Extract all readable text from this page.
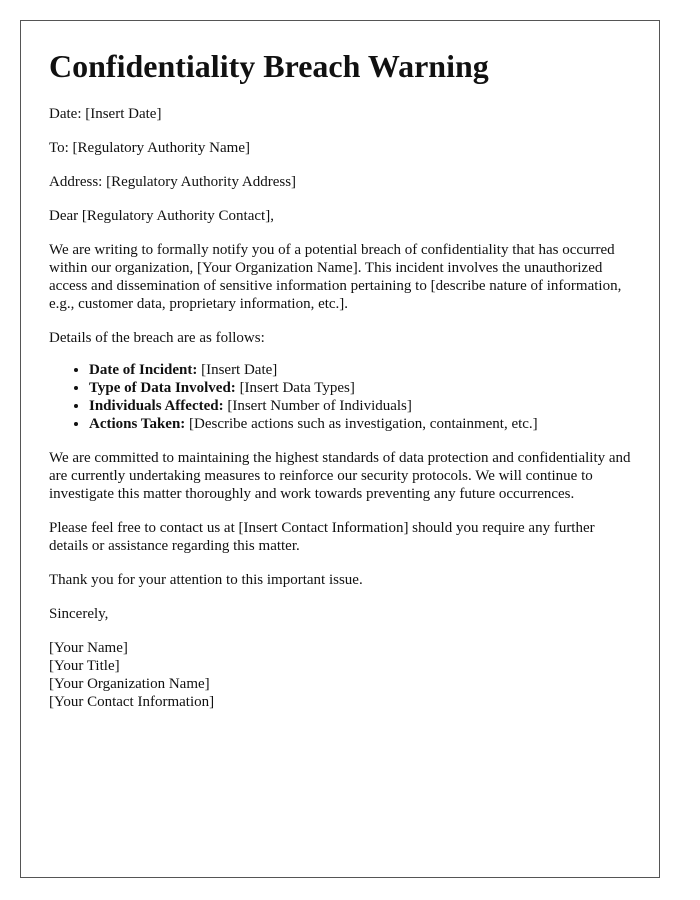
Confidentiality Breach Warning

Date: [Insert Date]

To: [Regulatory Authority Name]

Address: [Regulatory Authority Address]

Dear [Regulatory Authority Contact],

We are writing to formally notify you of a potential breach of confidentiality that has occurred within our organization, [Your Organization Name]. This incident involves the unauthorized access and dissemination of sensitive information pertaining to [describe nature of information, e.g., customer data, proprietary information, etc.].

Details of the breach are as follows:

• Date of Incident: [Insert Date]
• Type of Data Involved: [Insert Data Types]
• Individuals Affected: [Insert Number of Individuals]
• Actions Taken: [Describe actions such as investigation, containment, etc.]

We are committed to maintaining the highest standards of data protection and confidentiality and are currently undertaking measures to reinforce our security protocols. We will continue to investigate this matter thoroughly and work towards preventing any future occurrences.

Please feel free to contact us at [Insert Contact Information] should you require any further details or assistance regarding this matter.

Thank you for your attention to this important issue.

Sincerely,

[Your Name]

[Your Title]

[Your Organization Name]

[Your Contact Information]
